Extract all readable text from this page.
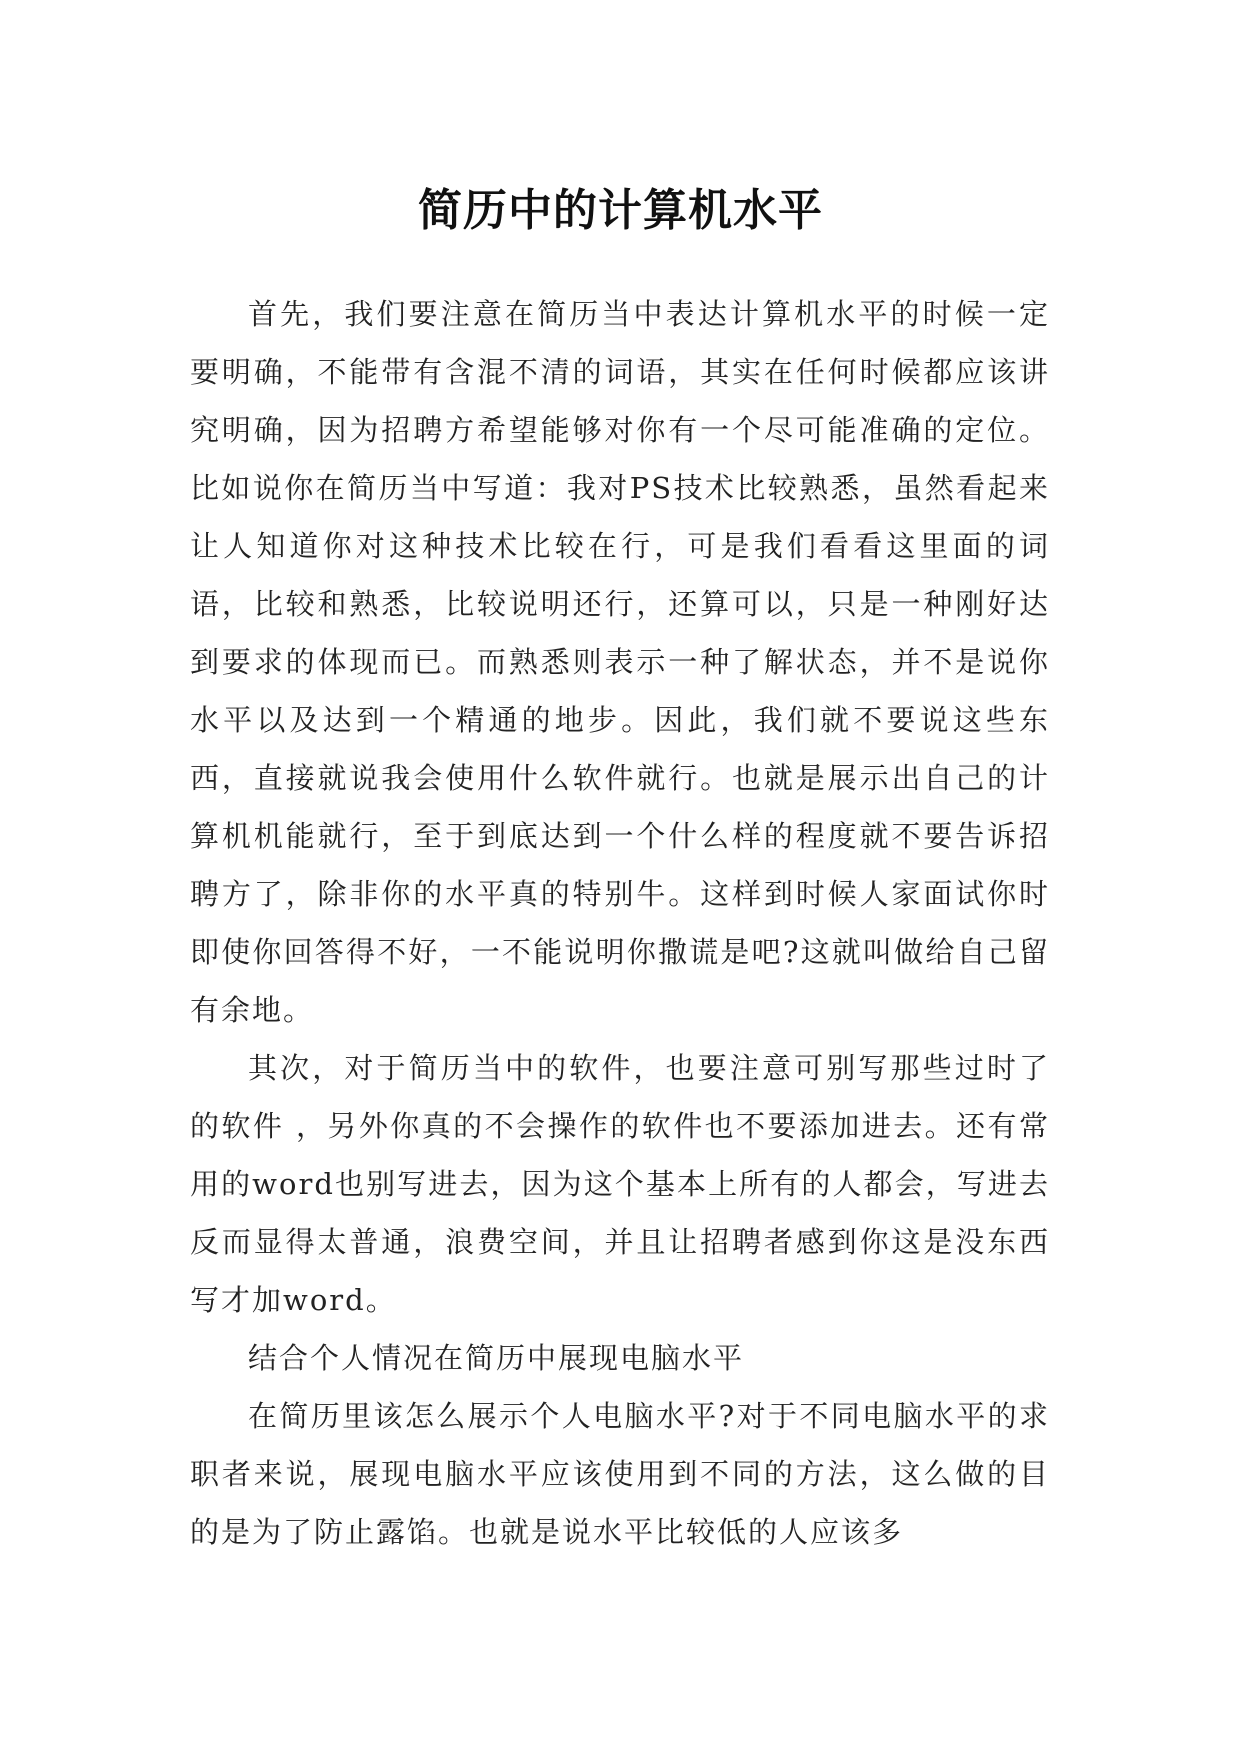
简历中的计算机水平

首先，我们要注意在简历当中表达计算机水平的时候一定要明确，不能带有含混不清的词语，其实在任何时候都应该讲究明确，因为招聘方希望能够对你有一个尽可能准确的定位。比如说你在简历当中写道：我对PS技术比较熟悉，虽然看起来让人知道你对这种技术比较在行，可是我们看看这里面的词语，比较和熟悉，比较说明还行，还算可以，只是一种刚好达到要求的体现而已。而熟悉则表示一种了解状态，并不是说你水平以及达到一个精通的地步。因此，我们就不要说这些东西，直接就说我会使用什么软件就行。也就是展示出自己的计算机机能就行，至于到底达到一个什么样的程度就不要告诉招聘方了，除非你的水平真的特别牛。这样到时候人家面试你时即使你回答得不好，一不能说明你撒谎是吧?这就叫做给自己留有余地。

其次，对于简历当中的软件，也要注意可别写那些过时了的软件 ，另外你真的不会操作的软件也不要添加进去。还有常用的word也别写进去，因为这个基本上所有的人都会，写进去反而显得太普通，浪费空间，并且让招聘者感到你这是没东西写才加word。

结合个人情况在简历中展现电脑水平

在简历里该怎么展示个人电脑水平?对于不同电脑水平的求职者来说，展现电脑水平应该使用到不同的方法，这么做的目的是为了防止露馅。也就是说水平比较低的人应该多
